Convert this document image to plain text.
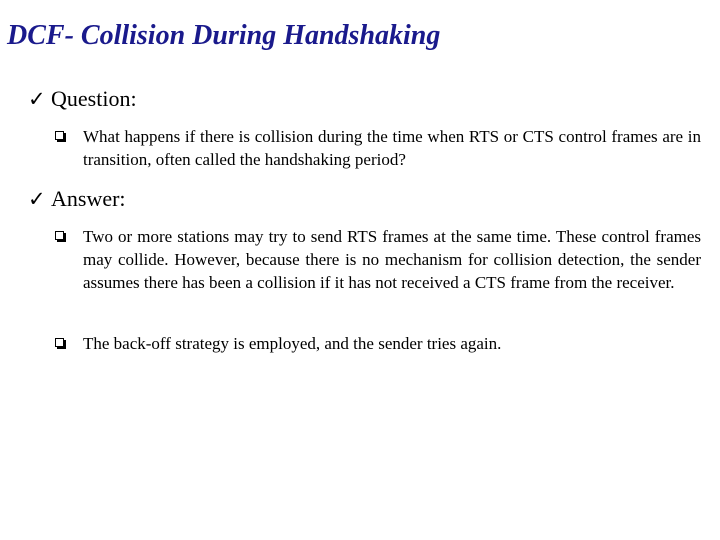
DCF- Collision During Handshaking
✓ Question:
What happens if there is collision during the time when RTS or CTS control frames are in transition, often called the handshaking period?
✓ Answer:
Two or more stations may try to send RTS frames at the same time. These control frames may collide. However, because there is no mechanism for collision detection, the sender assumes there has been a collision if it has not received a CTS frame from the receiver.
The back-off strategy is employed, and the sender tries again.
